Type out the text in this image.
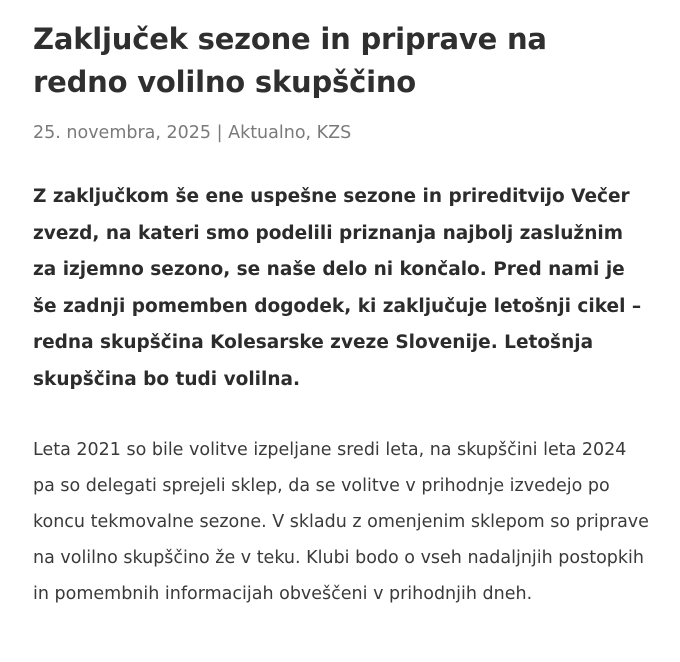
Zaključek sezone in priprave na redno volilno skupščino
25. novembra, 2025 | Aktualno, KZS

Z zaključkom še ene uspešne sezone in prireditvijo Večer zvezd, na kateri smo podelili priznanja najbolj zaslužnim za izjemno sezono, se naše delo ni končalo. Pred nami je še zadnji pomemben dogodek, ki zaključuje letošnji cikel – redna skupščina Kolesarske zveze Slovenije. Letošnja skupščina bo tudi volilna.

Leta 2021 so bile volitve izpeljane sredi leta, na skupščini leta 2024 pa so delegati sprejeli sklep, da se volitve v prihodnje izvedejo po koncu tekmovalne sezone. V skladu z omenjenim sklepom so priprave na volilno skupščino že v teku. Klubi bodo o vseh nadaljnjih postopkih in pomembnih informacijah obveščeni v prihodnjih dneh.
